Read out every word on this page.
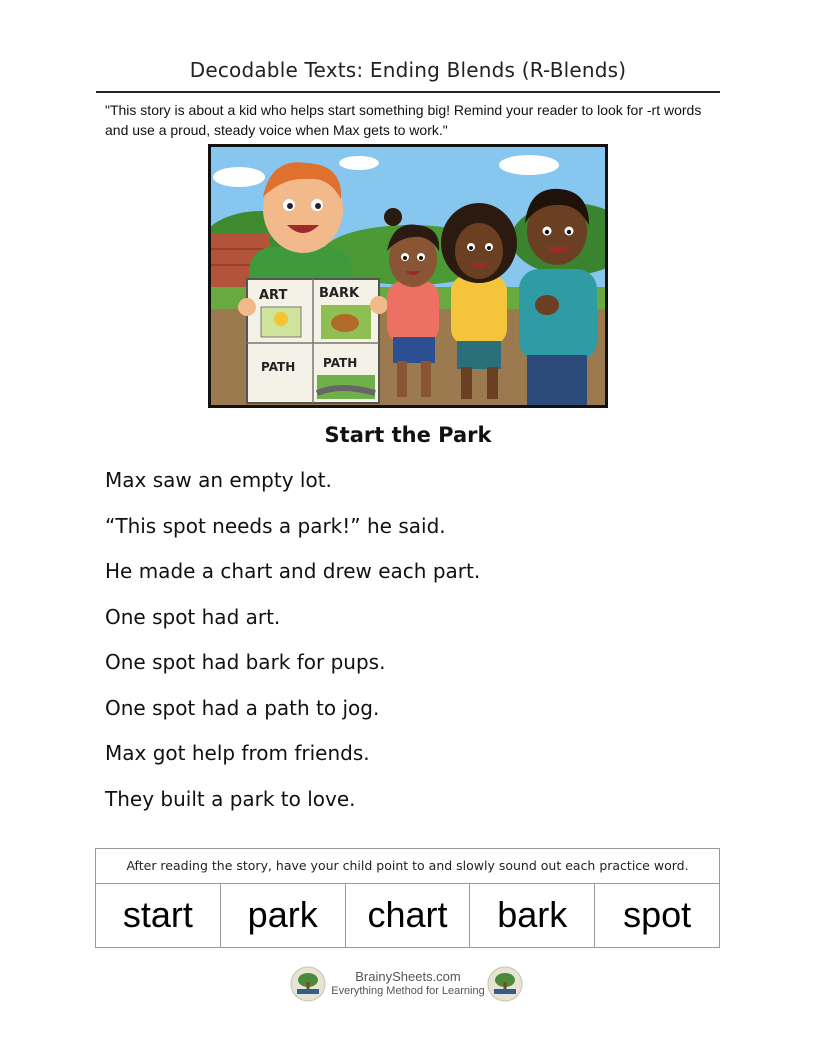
Decodable Texts: Ending Blends (R-Blends)
"This story is about a kid who helps start something big! Remind your reader to look for -rt words and use a proud, steady voice when Max gets to work."
ART BARK
PATH PATH
Start the Park
Max saw an empty lot.
“This spot needs a park!” he said.
He made a chart and drew each part.
One spot had art.
One spot had bark for pups.
One spot had a path to jog.
Max got help from friends.
They built a park to love.
After reading the story, have your child point to and slowly sound out each practice word.
start	park	chart	bark	spot
BrainySheets.com
Everything Method for Learning
